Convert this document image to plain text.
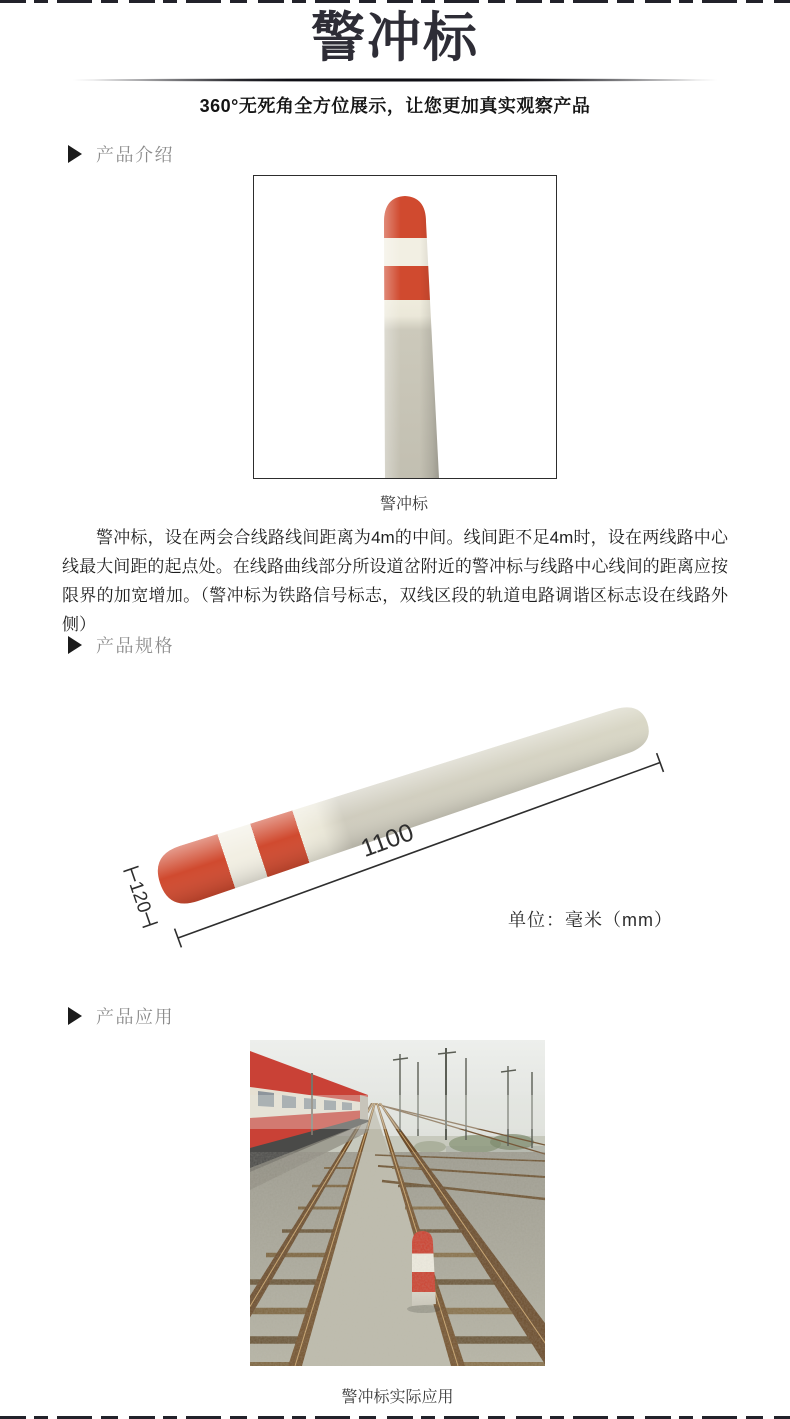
警冲标
360°无死角全方位展示，让您更加真实观察产品
产品介绍
警冲标
警冲标，设在两会合线路线间距离为4m的中间。线间距不足4m时，设在两线路中心线最大间距的起点处。在线路曲线部分所设道岔附近的警冲标与线路中心线间的距离应按限界的加宽增加。（警冲标为铁路信号标志，双线区段的轨道电路调谐区标志设在线路外侧）
产品规格
1100
120
单位：毫米（mm）
产品应用
警冲标实际应用
